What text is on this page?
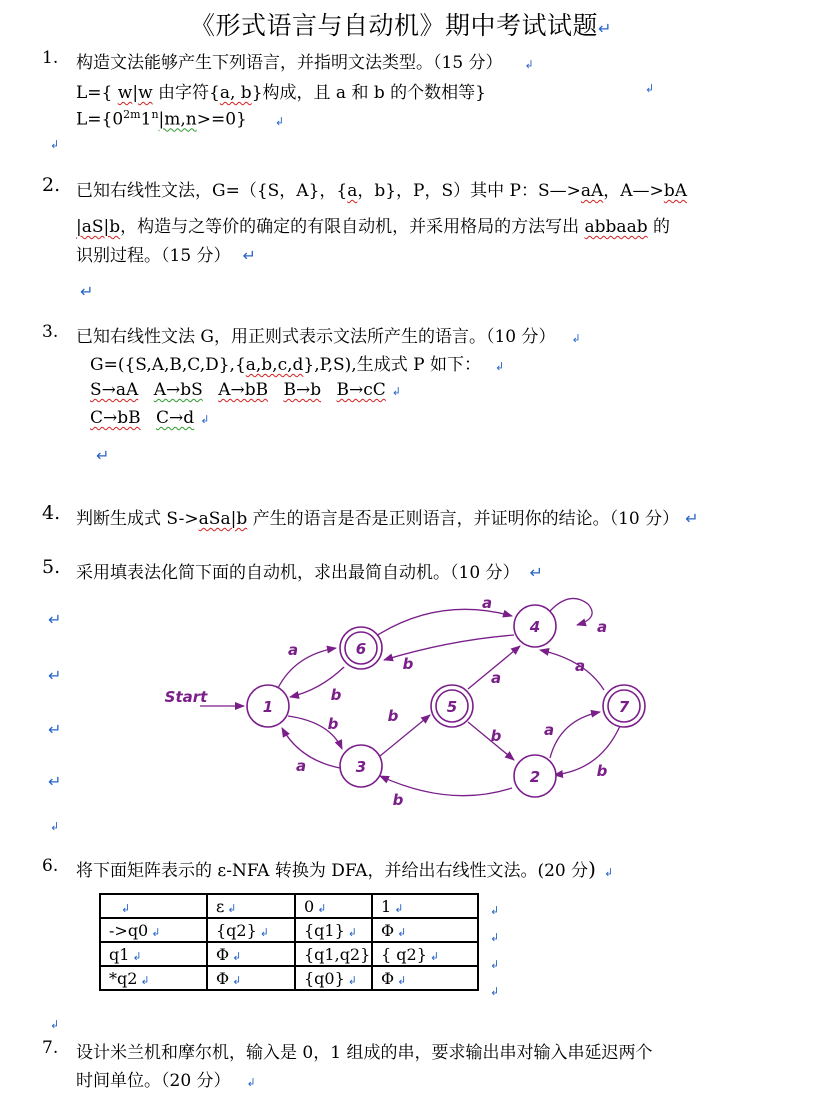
《形式语言与自动机》期中考试试题↵
1. 构造文法能够产生下列语言，并指明文法类型。（15 分） ↲
L={ w|w 由字符{a, b}构成，且 a 和 b 的个数相等}	↲
$L=\{0^{2m}1^n|m,n>=0\}$	↲
↲
2. 已知右线性文法，G=（{S，A}，{a，b}，P，S）其中 P：S—>aA，A—>bA
|aS|b，构造与之等价的确定的有限自动机，并采用格局的方法写出 abbaab 的
识别过程。（15 分） ↵
↵
3. 已知右线性文法 G，用正则式表示文法所产生的语言。（10 分） ↲
G=({S,A,B,C,D},{a,b,c,d},P,S),生成式 P 如下： ↲
S→aA A→bS A→bB B→b B→cC ↲
C→bB C→d ↲
↵
4. 判断生成式 S->aSa|b 产生的语言是否是正则语言，并证明你的结论。（10 分） ↵
5. 采用填表法化简下面的自动机，求出最简自动机。（10 分） ↵
↵
↵
↵
↵
↲
1
2
3
4
5
6
7
Start
a
b
b
a
b
a
b
a
b
a
a
a
b
b
6. 将下面矩阵表示的 ε-NFA 转换为 DFA，并给出右线性文法。(20 分) ↲
↲	ε ↲	0 ↲	1 ↲
->q0 ↲	{q2} ↲	{q1} ↲	Φ ↲
q1 ↲	Φ ↲	{q1,q2}	{ q2} ↲
*q2 ↲	Φ ↲	{q0} ↲	Φ ↲
↲
↲
↲
↲
↲
7. 设计米兰机和摩尔机，输入是 0，1 组成的串，要求输出串对输入串延迟两个
时间单位。（20 分） ↲
